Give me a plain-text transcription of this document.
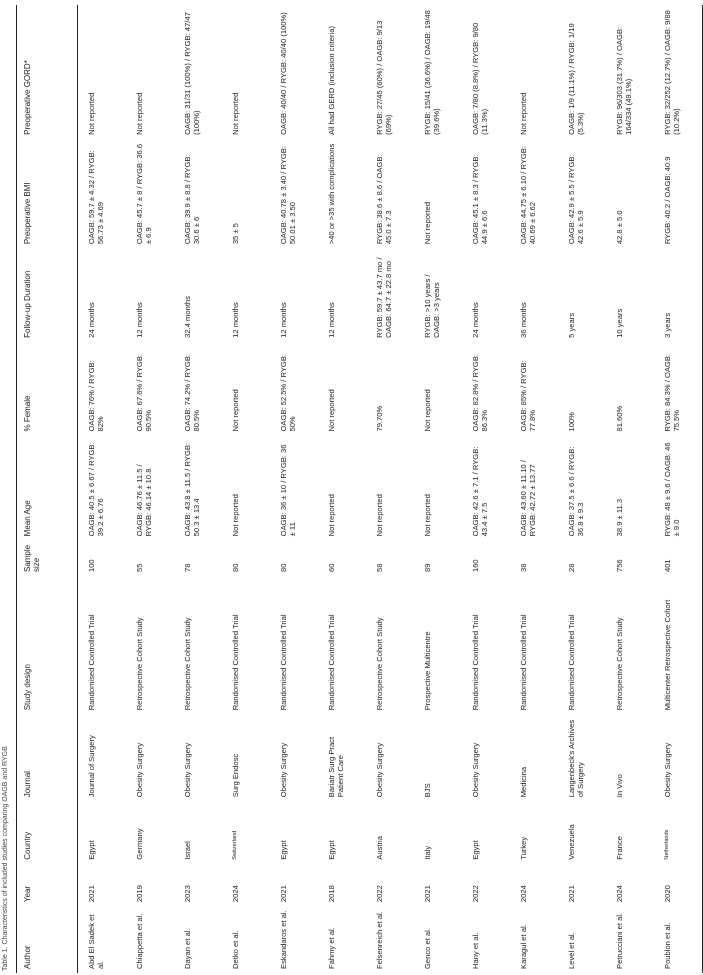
Table 1. Characteristics of included studies comparing OAGB and RYGB	Author	Year	Country	Journal	Study design	Sample size	Mean Age	% Female	Follow-up Duration	Preoperative BMI	Preoperative GORD*
Abd El Sadek et al.	2021	Egypt	Journal of Surgery	Randomised Controlled Trial	100	OAGB: 40.5 ± 6.67 / RYGB: 39.2 ± 6.76	OAGB: 76% / RYGB: 82%	24 months	OAGB: 59.7 ± 4.32 / RYGB: 56.73 ± 4.69	Not reported
Chiappetta et al.	2019	Germany	Obesity Surgery	Retrospective Cohort Study	55	OAGB: 46.76 ± 11.5 / RYGB: 46.14 ± 10.8	OAGB: 67.6% / RYGB: 90.5%	12 months	OAGB: 45.7 ± 8 / RYGB: 36.6 ± 6.9	Not reported
Dayan et al.	2023	Israel	Obesity Surgery	Retrospective Cohort Study	78	OAGB: 43.8 ± 11.5 / RYGB: 50.3 ± 13.4	OAGB: 74.2% / RYGB: 80.5%	32.4 months	OAGB: 39.9 ± 8.8 / RYGB: 30.6 ± 6	OAGB: 31/31 (100%) / RYGB: 47/47 (100%)
Detko et al.	2024	Switzerland	Surg Endosc	Randomised Controlled Trial	80	Not reported	Not reported	12 months	35 ± 5	Not reported
Eskandaros et al.	2021	Egypt	Obesity Surgery	Randomised Controlled Trial	80	OAGB: 36 ± 10 / RYGB: 36 ± 11	OAGB: 52.5% / RYGB: 50%	12 months	OAGB: 40.78 ± 3.40 / RYGB: 50.01 ± 3.50	OAGB: 40/40 / RYGB: 40/40 (100%)
Fahmy et al.	2018	Egypt	Bariatr Surg Pract Patient Care	Randomised Controlled Trial	60	Not reported	Not reported	12 months	>40 or >35 with complications	All had GERD (inclusion criteria)
Felsenreich et al.	2022	Austria	Obesity Surgery	Retrospective Cohort Study	58	Not reported	79.70%	RYGB: 59.7 ± 43.7 mo / OAGB: 64.7 ± 22.8 mo	RYGB: 38.6 ± 8.6 / OAGB: 45.0 ± 7.3	RYGB: 27/45 (60%) / OAGB: 9/13 (69%)
Genco et al.	2021	Italy	BJS	Prospective Multicentre	89	Not reported	Not reported	RYGB: >10 years / OAGB: >3 years	Not reported	RYGB: 15/41 (36.6%) / OAGB: 19/48 (39.6%)
Hany et al.	2022	Egypt	Obesity Surgery	Randomised Controlled Trial	160	OAGB: 42.6 ± 7.1 / RYGB: 43.4 ± 7.5	OAGB: 82.8% / RYGB: 86.3%	24 months	OAGB: 45.1 ± 8.3 / RYGB: 44.9 ± 6.6	OAGB: 7/80 (8.8%) / RYGB: 9/80 (11.3%)
Karagul et al.	2024	Turkey	Medicina	Randomised Controlled Trial	38	OAGB: 43.60 ± 11.10 / RYGB: 42.72 ± 13.77	OAGB: 85% / RYGB: 77.8%	36 months	OAGB: 44.75 ± 6.10 / RYGB: 40.69 ± 6.62	Not reported
Level et al.	2021	Venezuela	Langenbeck's Archives of Surgery	Randomised Controlled Trial	28	OAGB: 37.5 ± 6.6 / RYGB: 36.8 ± 9.3	100%	5 years	OAGB: 42.9 ± 5.5 / RYGB: 42.6 ± 5.9	OAGB: 1/9 (11.1%) / RYGB: 1/19 (5.3%)
Petrucciani et al.	2024	France	In Vivo	Retrospective Cohort Study	756	38.9 ± 11.3	81.60%	10 years	42.8 ± 5.0	RYGB: 96/303 (31.7%) / OAGB: 164/334 (49.1%)
Poublon et al.	2020	Netherlands	Obesity Surgery	Multicenter Retrospective Cohort	401	RYGB: 48 ± 9.6 / OAGB: 46 ± 9.0	RYGB: 84.3% / OAGB: 75.5%	3 years	RYGB: 40.2 / OAGB: 40.9	RYGB: 32/252 (12.7%) / OAGB: 9/88 (10.2%)
